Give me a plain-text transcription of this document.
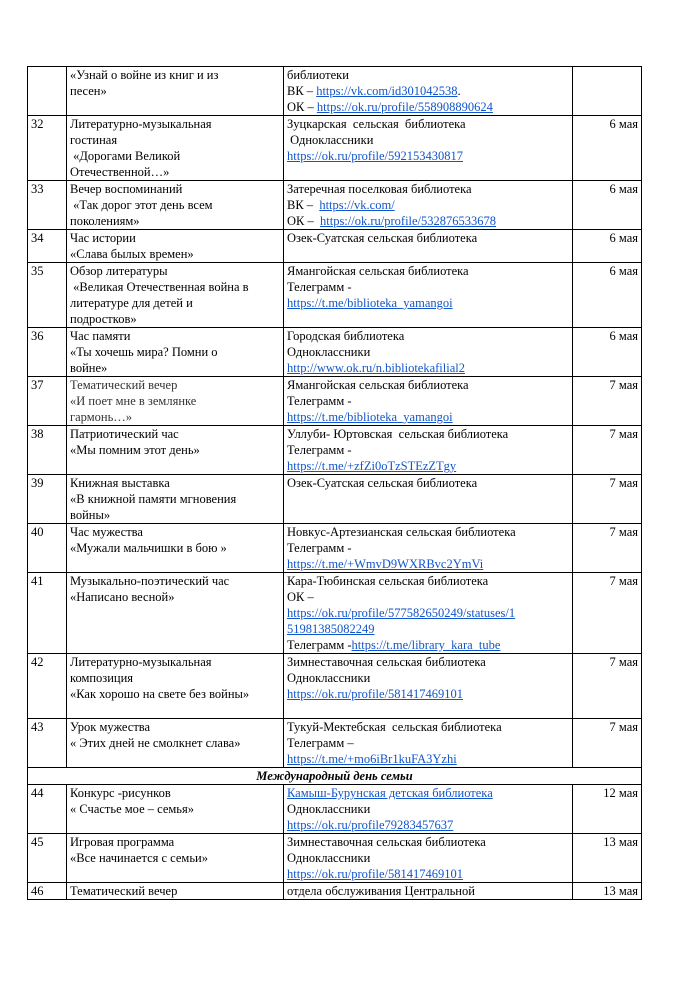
	«Узнай о войне из книг и из
песен»	библиотеки
ВК – https://vk.com/id301042538.
ОК – https://ok.ru/profile/558908890624	

32	Литературно-музыкальная
гостиная
«Дорогами Великой
Отечественной…»	Зуцкарская  сельская  библиотека
Одноклассники
https://ok.ru/profile/592153430817	6 мая
33	Вечер воспоминаний
«Так дорог этот день всем
поколениям»	Затеречная поселковая библиотека
ВК –  https://vk.com/
ОК –  https://ok.ru/profile/532876533678	6 мая
34	Час истории
«Слава былых времен»	Озек-Суатская сельская библиотека	6 мая
35	Обзор литературы
«Великая Отечественная война в
литературе для детей и
подростков»	Ямангойская сельская библиотека
Телеграмм -
https://t.me/biblioteka_yamangoi	6 мая
36	Час памяти
«Ты хочешь мира? Помни о
войне»	Городская библиотека
Одноклассники
http://www.ok.ru/n.bibliotekafilial2	6 мая
37	Тематический вечер
«И поет мне в землянке
гармонь…»	Ямангойская сельская библиотека
Телеграмм -
https://t.me/biblioteka_yamangoi	7 мая
38	Патриотический час
«Мы помним этот день»	Уллуби- Юртовская  сельская библиотека
Телеграмм -
https://t.me/+zfZi0oTzSTEzZTgy	7 мая
39	Книжная выставка
«В книжной памяти мгновения
войны»	Озек-Суатская сельская библиотека	7 мая
40	Час мужества
«Мужали мальчишки в бою »	Новкус-Артезианская сельская библиотека
Телеграмм -
https://t.me/+WmvD9WXRBvc2YmVi	7 мая
41	Музыкально-поэтический час
«Написано весной»	Кара-Тюбинская сельская библиотека
ОК –
https://ok.ru/profile/577582650249/statuses/1
51981385082249
Телеграмм -https://t.me/library_kara_tube	7 мая
42	Литературно-музыкальная
композиция
«Как хорошо на свете без войны»	Зимнеставочная сельская библиотека
Одноклассники
https://ok.ru/profile/581417469101	7 мая
43	Урок мужества
« Этих дней не смолкнет слава»	Тукуй-Мектебская  сельская библиотека
Телеграмм –
https://t.me/+mo6iBr1kuFA3Yzhi	7 мая
Международный день семьи			
44	Конкурс -рисунков
« Счастье мое – семья»	Камыш-Бурунская детская библиотека
Одноклассники
https://ok.ru/profile79283457637	12 мая
45	Игровая программа
«Все начинается с семьи»	Зимнеставочная сельская библиотека
Одноклассники
https://ok.ru/profile/581417469101	13 мая
46	Тематический вечер	отдела обслуживания Центральной	13 мая
